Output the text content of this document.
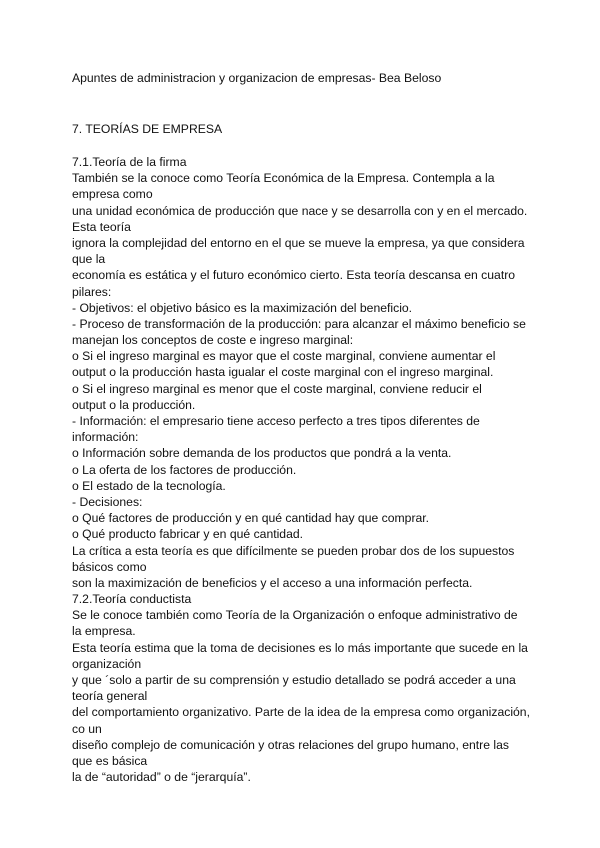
Apuntes de administracion y organizacion de empresas- Bea Beloso
7. TEORÍAS DE EMPRESA
7.1.Teoría de la firma
También se la conoce como Teoría Económica de la Empresa. Contempla a la
empresa como
una unidad económica de producción que nace y se desarrolla con y en el mercado.
Esta teoría
ignora la complejidad del entorno en el que se mueve la empresa, ya que considera
que la
economía es estática y el futuro económico cierto. Esta teoría descansa en cuatro
pilares:
- Objetivos: el objetivo básico es la maximización del beneficio.
- Proceso de transformación de la producción: para alcanzar el máximo beneficio se
manejan los conceptos de coste e ingreso marginal:
o Si el ingreso marginal es mayor que el coste marginal, conviene aumentar el
output o la producción hasta igualar el coste marginal con el ingreso marginal.
o Si el ingreso marginal es menor que el coste marginal, conviene reducir el
output o la producción.
- Información: el empresario tiene acceso perfecto a tres tipos diferentes de
información:
o Información sobre demanda de los productos que pondrá a la venta.
o La oferta de los factores de producción.
o El estado de la tecnología.
- Decisiones:
o Qué factores de producción y en qué cantidad hay que comprar.
o Qué producto fabricar y en qué cantidad.
La crítica a esta teoría es que difícilmente se pueden probar dos de los supuestos
básicos como
son la maximización de beneficios y el acceso a una información perfecta.
7.2.Teoría conductista
Se le conoce también como Teoría de la Organización o enfoque administrativo de
la empresa.
Esta teoría estima que la toma de decisiones es lo más importante que sucede en la
organización
y que ´solo a partir de su comprensión y estudio detallado se podrá acceder a una
teoría general
del comportamiento organizativo. Parte de la idea de la empresa como organización,
co un
diseño complejo de comunicación y otras relaciones del grupo humano, entre las
que es básica
la de “autoridad” o de “jerarquía”.
